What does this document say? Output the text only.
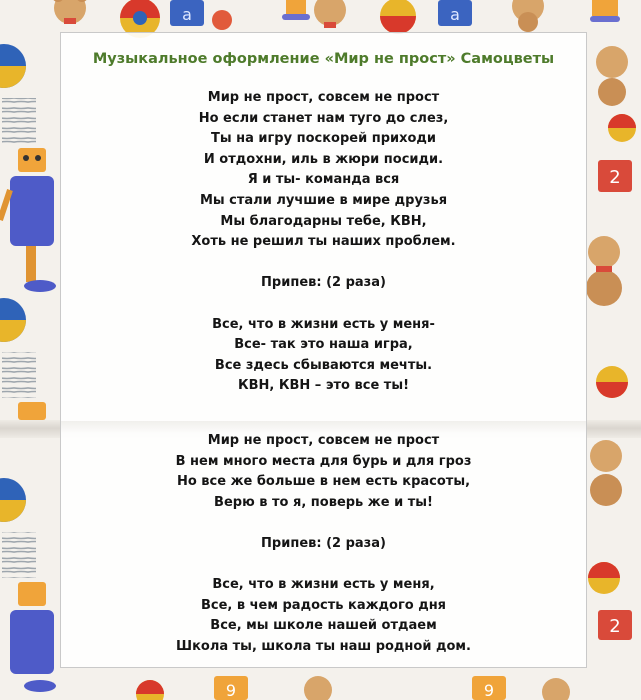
a	a
2
2
9	9
Музыкальное оформление «Мир не прост» Самоцветы
Мир не прост, совсем не прост
Но если станет нам туго до слез,
Ты на игру поскорей приходи
И отдохни, иль в жюри посиди.
Я и ты- команда вся
Мы стали лучшие в мире друзья
Мы благодарны тебе, КВН,
Хоть не решил ты наших проблем.
Припев: (2 раза)
Все, что в жизни есть у меня-
Все- так это наша игра,
Все здесь сбываются мечты.
КВН, КВН – это все ты!
Мир не прост, совсем не прост
В нем много места для бурь и для гроз
Но все же больше в нем есть красоты,
Верю в то я, поверь же и ты!
Припев: (2 раза)
Все, что в жизни есть у меня,
Все, в чем радость каждого дня
Все, мы школе нашей отдаем
Школа ты, школа ты наш родной дом.
